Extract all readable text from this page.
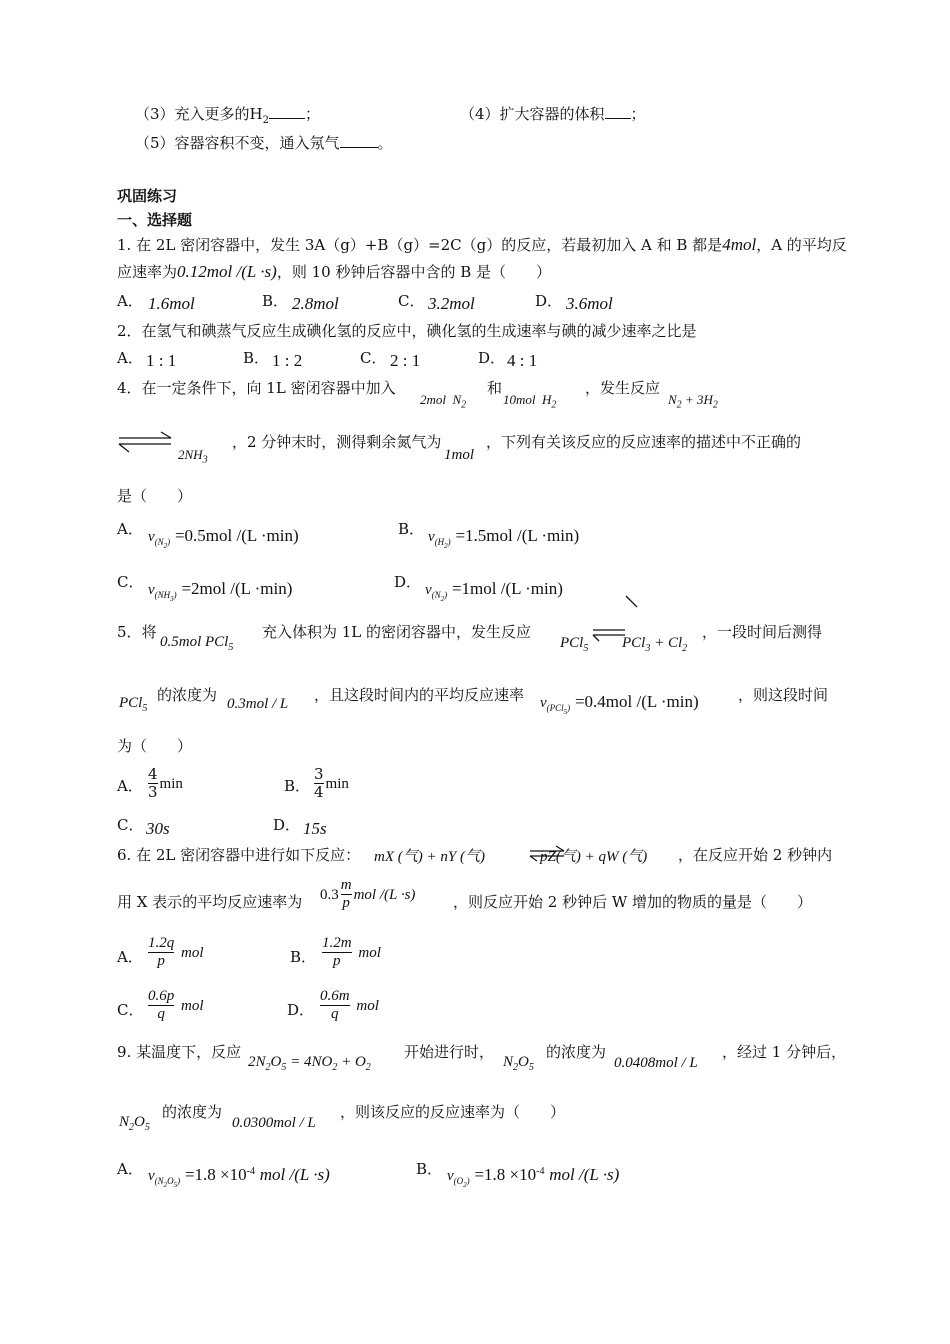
（3）充入更多的$H_2$ ；	（4）扩大容器的体积 ；
（5）容器容积不变，通入氖气	。
巩固练习
一、选择题
1. 在 2L 密闭容器中，发生 3A（g）+B（g）=2C（g）的反应，若最初加入 A 和 B 都是4mol，A 的平均反
应速率为0.12mol /(L ·s)，则 10 秒钟后容器中含的 B 是（　　）
A． 1.6mol	B． 2.8mol	C． 3.2mol	D． 3.6mol
2．在氢气和碘蒸气反应生成碘化氢的反应中，碘化氢的生成速率与碘的减少速率之比是
A． 1 : 1	B． 1 : 2	C． 2 : 1	D． 4 : 1
4．在一定条件下，向 1L 密闭容器中加入
2mol $N_2$
和
10mol $H_2$
，发生反应
$N_2 + 3H_2$
⇌ $2NH_3$
，2 分钟末时，测得剩余氮气为
1mol
，下列有关该反应的反应速率的描述中不正确的
是（　　）
A． $v_{(N_2)} =0.5mol$ /(L ·min)	B． $v_{(H_2)} =1.5mol$ /(L ·min)
C． $v_{(NH_3)} =2mol$ /(L ·min)	D． $v_{(N_2)} =1mol$ /(L ·min)
5．将
0.5mol PCl$_5$
充入体积为 1L 的密闭容器中，发生反应
PCl$_5$ $PCl_3 + Cl_2$
，一段时间后测得
PCl$_5$
的浓度为 0.3mol / L ，且这段时间内的平均反应速率 $v_{(PCl_5)} =0.4mol$ /(L ·min)	，则这段时间
为（　　）
A． $\frac{4}{3}$ min	B． $\frac{3}{4}$ min
C． 30s	D． 15s
6. 在 2L 密闭容器中进行如下反应： mX (气) + nY (气)	pZ(气) + qW (气) ，在反应开始 2 秒钟内
用 X 表示的平均反应速率为 $0.3 \frac{m}{p}$ mol /(L ·s)	，则反应开始 2 秒钟后 W 增加的物质的量是（　　）
A． $\frac{1.2q}{p}$ mol	B． $\frac{1.2m}{p}$ mol
C． $\frac{0.6p}{q}$ mol	D． $\frac{0.6m}{q}$ mol
9. 某温度下，反应
$2N_2O_5 = 4NO_2 + O_2$
开始进行时，
$N_2O_5$
的浓度为
0.0408mol / L
，经过 1 分钟后，
$N_2O_5$
的浓度为
0.0300mol / L
，则该反应的反应速率为（　　）
A． $v_{(N_2O_5)} =1.8 \times 10^{-4}$ mol /(L ·s)	B． $v_{(O_2)} =1.8 \times 10^{-4}$ mol /(L ·s)
